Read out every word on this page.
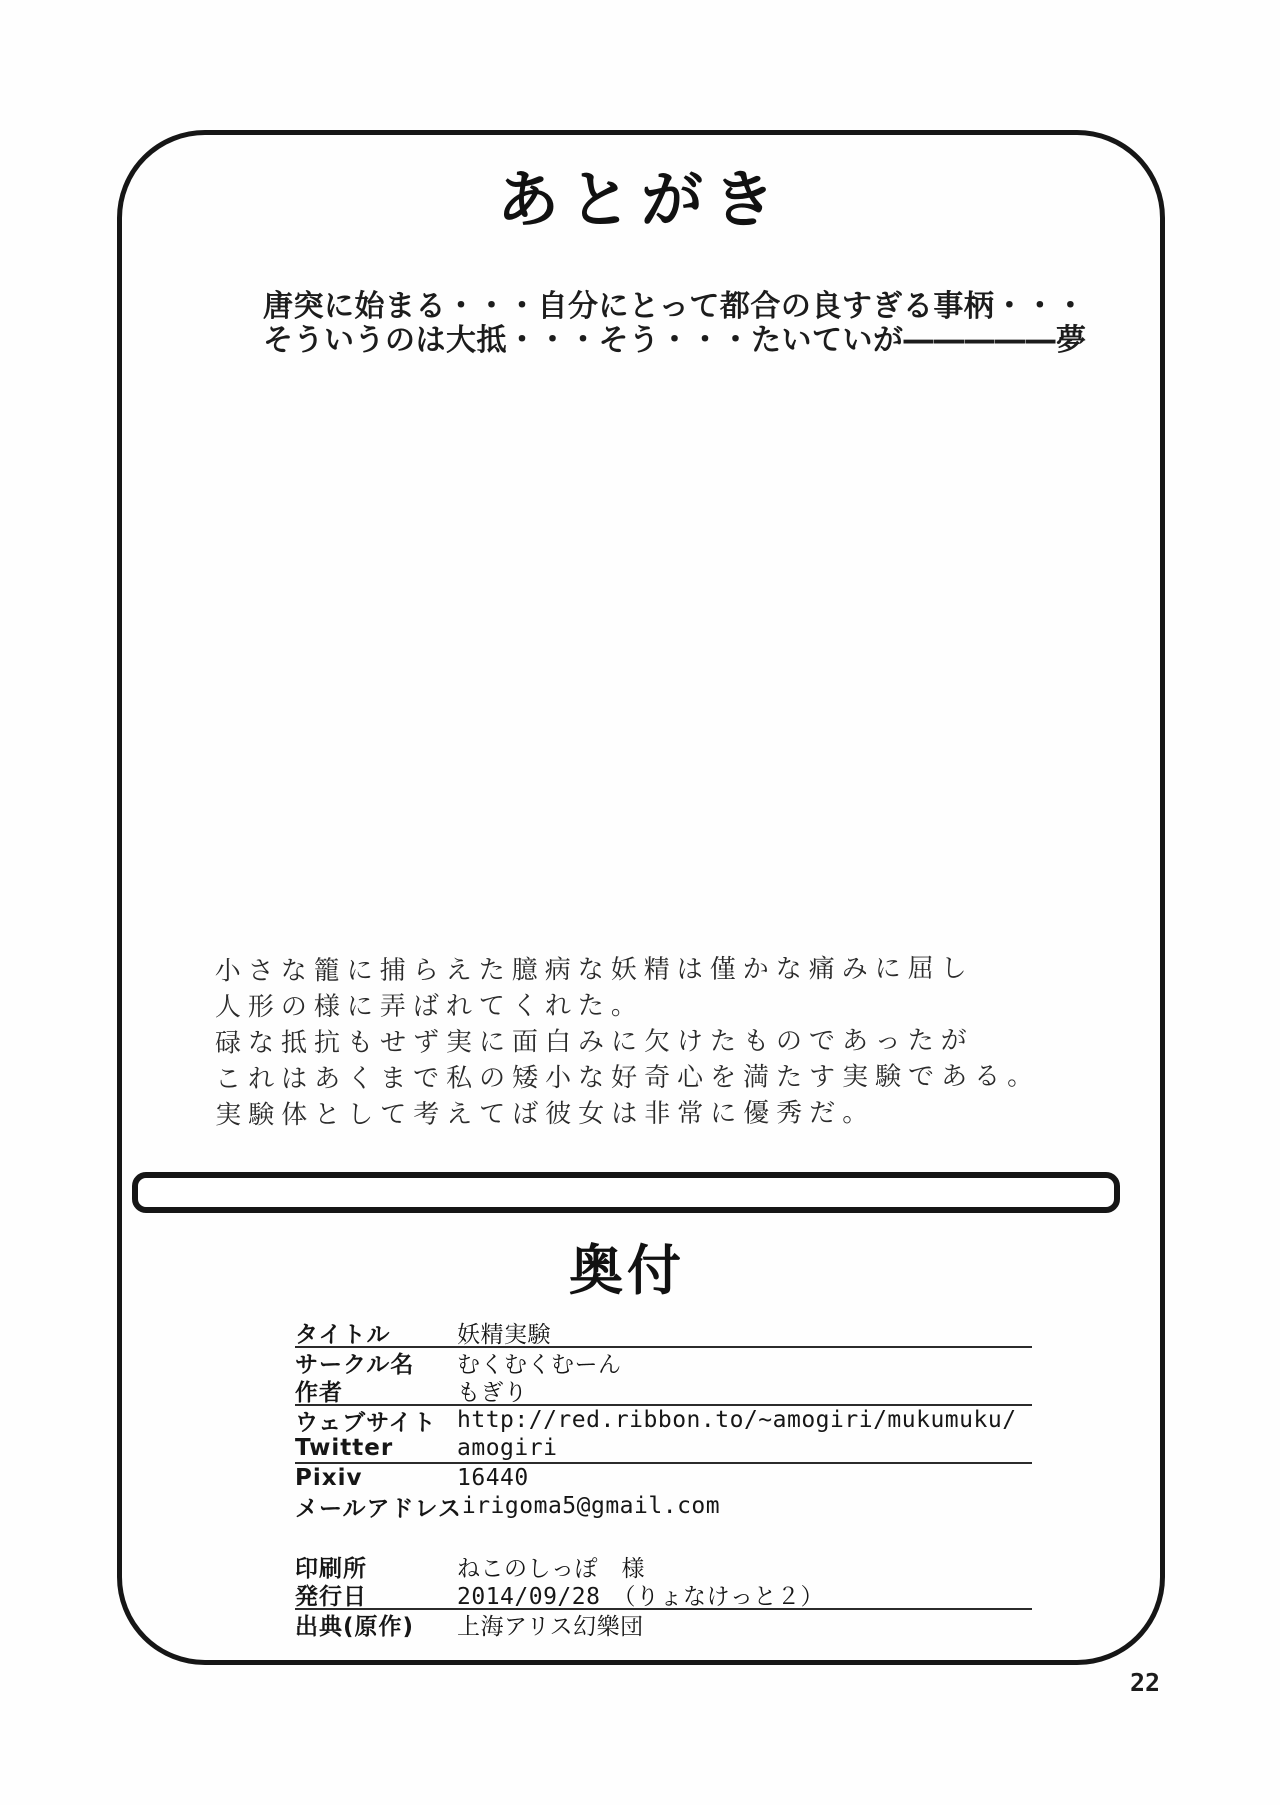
あとがき
唐突に始まる・・・自分にとって都合の良すぎる事柄・・・
そういうのは大抵・・・そう・・・たいていが―――――夢
小さな籠に捕らえた臆病な妖精は僅かな痛みに屈し
人形の様に弄ばれてくれた。
碌な抵抗もせず実に面白みに欠けたものであったが
これはあくまで私の矮小な好奇心を満たす実験である。
実験体として考えてば彼女は非常に優秀だ。
奥付
タイトル	妖精実験
サークル名	むくむくむーん
作者	もぎり
ウェブサイト http://red.ribbon.to/~amogiri/mukumuku/
Twitter	amogiri
Pixiv	16440
メールアドレス irigoma5@gmail.com
印刷所	ねこのしっぽ　様
発行日	2014/09/28　（りょなけっと２）
出典(原作)	上海アリス幻樂団
22
